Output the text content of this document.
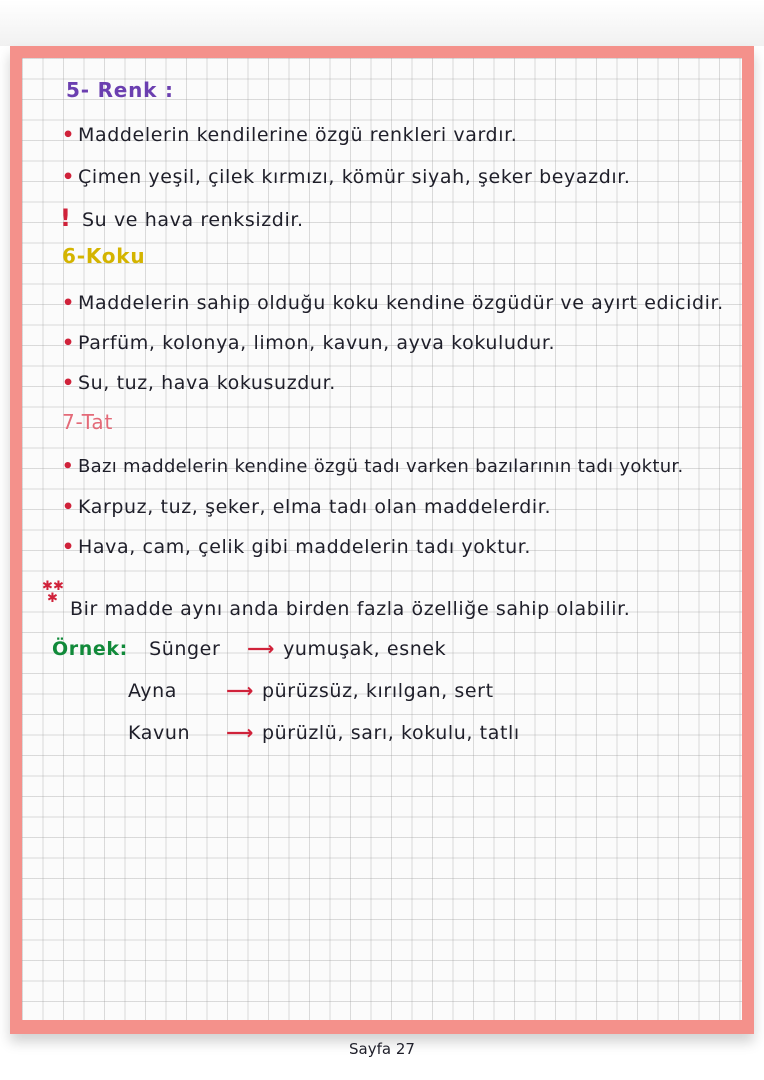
5- Renk :
• Maddelerin kendilerine özgü renkleri vardır.
• Çimen yeşil, çilek kırmızı, kömür siyah, şeker beyazdır.
! Su ve hava renksizdir.
6-Koku
• Maddelerin sahip olduğu koku kendine özgüdür ve ayırt edicidir.
• Parfüm, kolonya, limon, kavun, ayva kokuludur.
• Su, tuz, hava kokusuzdur.
7-Tat
• Bazı maddelerin kendine özgü tadı varken bazılarının tadı yoktur.
• Karpuz, tuz, şeker, elma tadı olan maddelerdir.
• Hava, cam, çelik gibi maddelerin tadı yoktur.
✱ ✱
✱ Bir madde aynı anda birden fazla özelliğe sahip olabilir.
Örnek: Sünger ⟶ yumuşak, esnek
Ayna	⟶ pürüzsüz, kırılgan, sert
Kavun ⟶ pürüzlü, sarı, kokulu, tatlı
Sayfa 27
